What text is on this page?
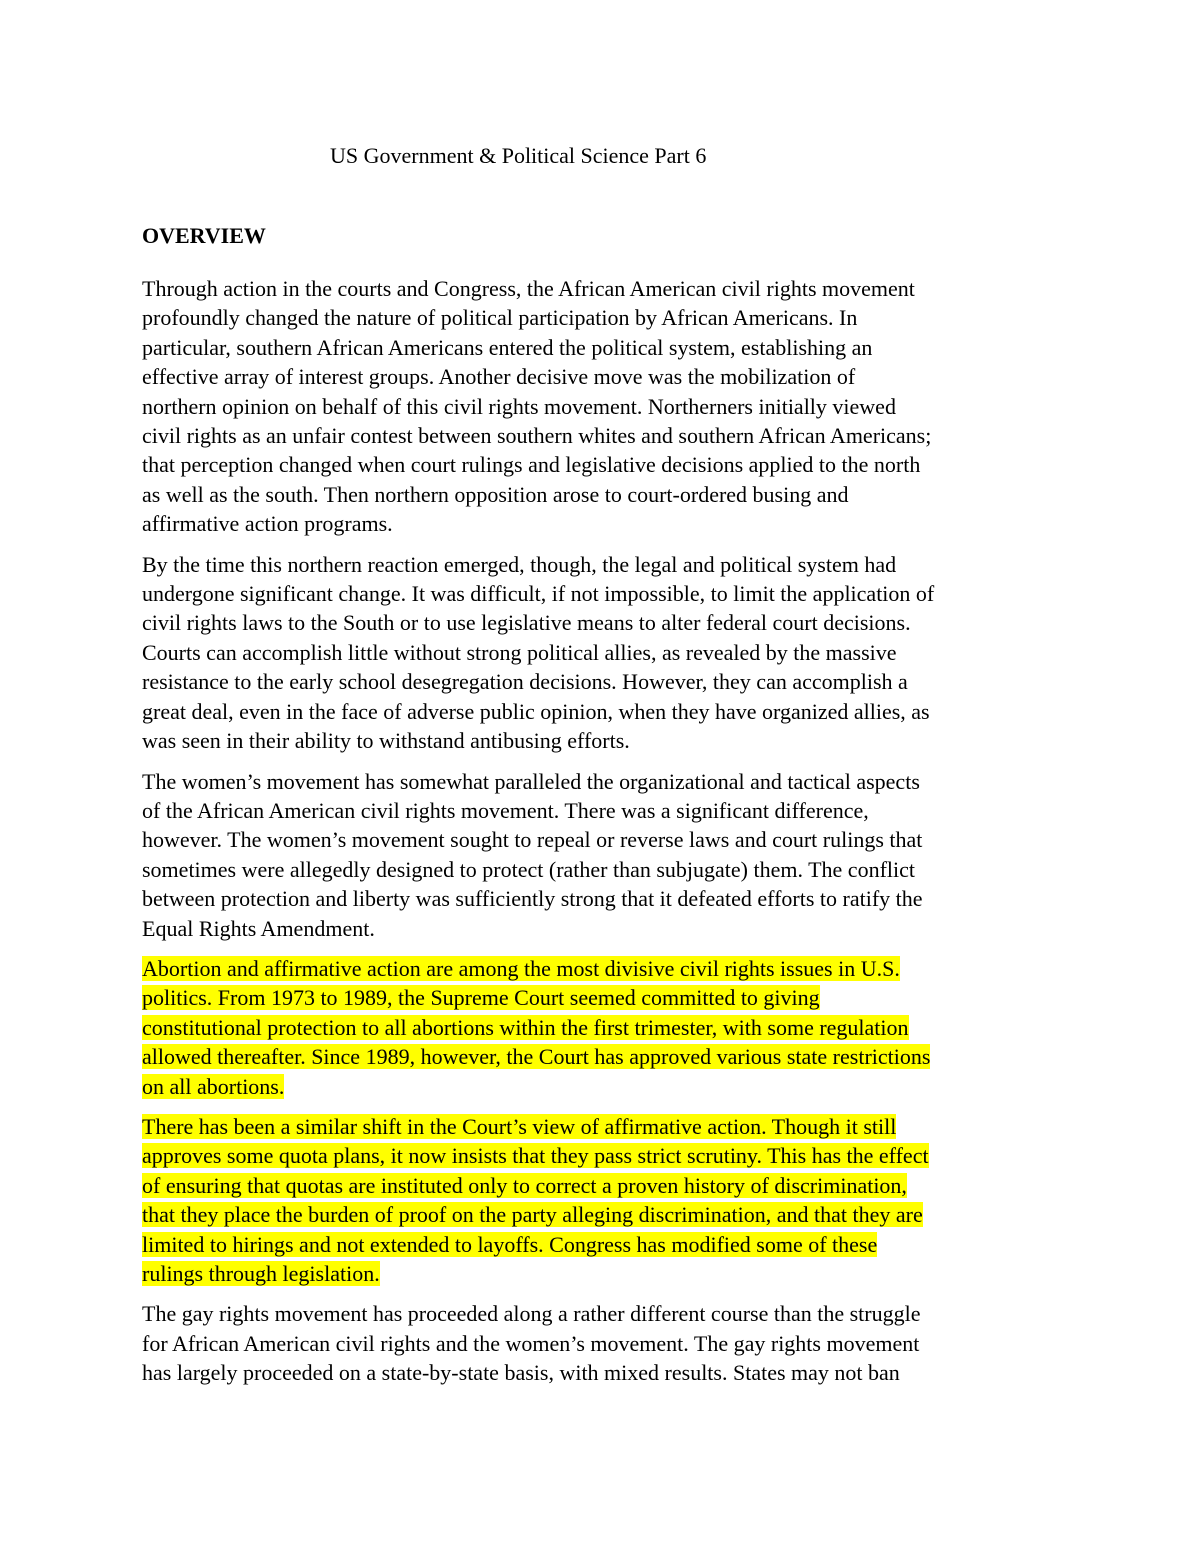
US Government & Political Science Part 6
OVERVIEW
Through action in the courts and Congress, the African American civil rights movement
profoundly changed the nature of political participation by African Americans. In
particular, southern African Americans entered the political system, establishing an
effective array of interest groups. Another decisive move was the mobilization of
northern opinion on behalf of this civil rights movement. Northerners initially viewed
civil rights as an unfair contest between southern whites and southern African Americans;
that perception changed when court rulings and legislative decisions applied to the north
as well as the south. Then northern opposition arose to court-ordered busing and
affirmative action programs.
By the time this northern reaction emerged, though, the legal and political system had
undergone significant change. It was difficult, if not impossible, to limit the application of
civil rights laws to the South or to use legislative means to alter federal court decisions.
Courts can accomplish little without strong political allies, as revealed by the massive
resistance to the early school desegregation decisions. However, they can accomplish a
great deal, even in the face of adverse public opinion, when they have organized allies, as
was seen in their ability to withstand antibusing efforts.
The women’s movement has somewhat paralleled the organizational and tactical aspects
of the African American civil rights movement. There was a significant difference,
however. The women’s movement sought to repeal or reverse laws and court rulings that
sometimes were allegedly designed to protect (rather than subjugate) them. The conflict
between protection and liberty was sufficiently strong that it defeated efforts to ratify the
Equal Rights Amendment.
Abortion and affirmative action are among the most divisive civil rights issues in U.S.
politics. From 1973 to 1989, the Supreme Court seemed committed to giving
constitutional protection to all abortions within the first trimester, with some regulation
allowed thereafter. Since 1989, however, the Court has approved various state restrictions
on all abortions.
There has been a similar shift in the Court’s view of affirmative action. Though it still
approves some quota plans, it now insists that they pass strict scrutiny. This has the effect
of ensuring that quotas are instituted only to correct a proven history of discrimination,
that they place the burden of proof on the party alleging discrimination, and that they are
limited to hirings and not extended to layoffs. Congress has modified some of these
rulings through legislation.
The gay rights movement has proceeded along a rather different course than the struggle
for African American civil rights and the women’s movement. The gay rights movement
has largely proceeded on a state-by-state basis, with mixed results. States may not ban
